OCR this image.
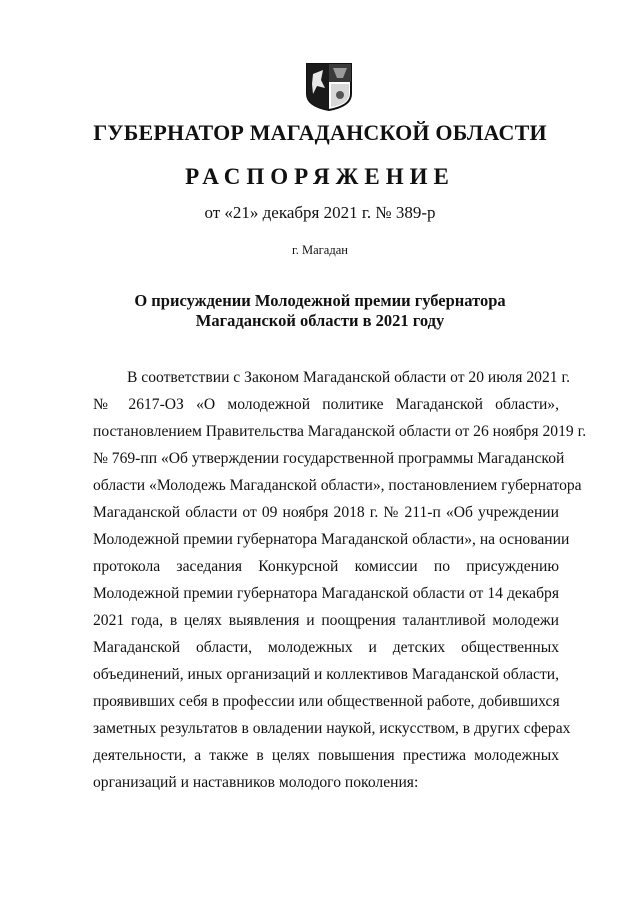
ГУБЕРНАТОР МАГАДАНСКОЙ ОБЛАСТИ
РАСПОРЯЖЕНИЕ
от «21» декабря 2021 г. № 389-р
г. Магадан
О присуждении Молодежной премии губернатора
Магаданской области в 2021 году
В соответствии с Законом Магаданской области от 20 июля 2021 г.
№ 2617-ОЗ «О молодежной политике Магаданской области»,
постановлением Правительства Магаданской области от 26 ноября 2019 г.
№ 769-пп «Об утверждении государственной программы Магаданской
области «Молодежь Магаданской области», постановлением губернатора
Магаданской области от 09 ноября 2018 г. № 211-п «Об учреждении
Молодежной премии губернатора Магаданской области», на основании
протокола заседания Конкурсной комиссии по присуждению
Молодежной премии губернатора Магаданской области от 14 декабря
2021 года, в целях выявления и поощрения талантливой молодежи
Магаданской области, молодежных и детских общественных
объединений, иных организаций и коллективов Магаданской области,
проявивших себя в профессии или общественной работе, добившихся
заметных результатов в овладении наукой, искусством, в других сферах
деятельности, а также в целях повышения престижа молодежных
организаций и наставников молодого поколения:
